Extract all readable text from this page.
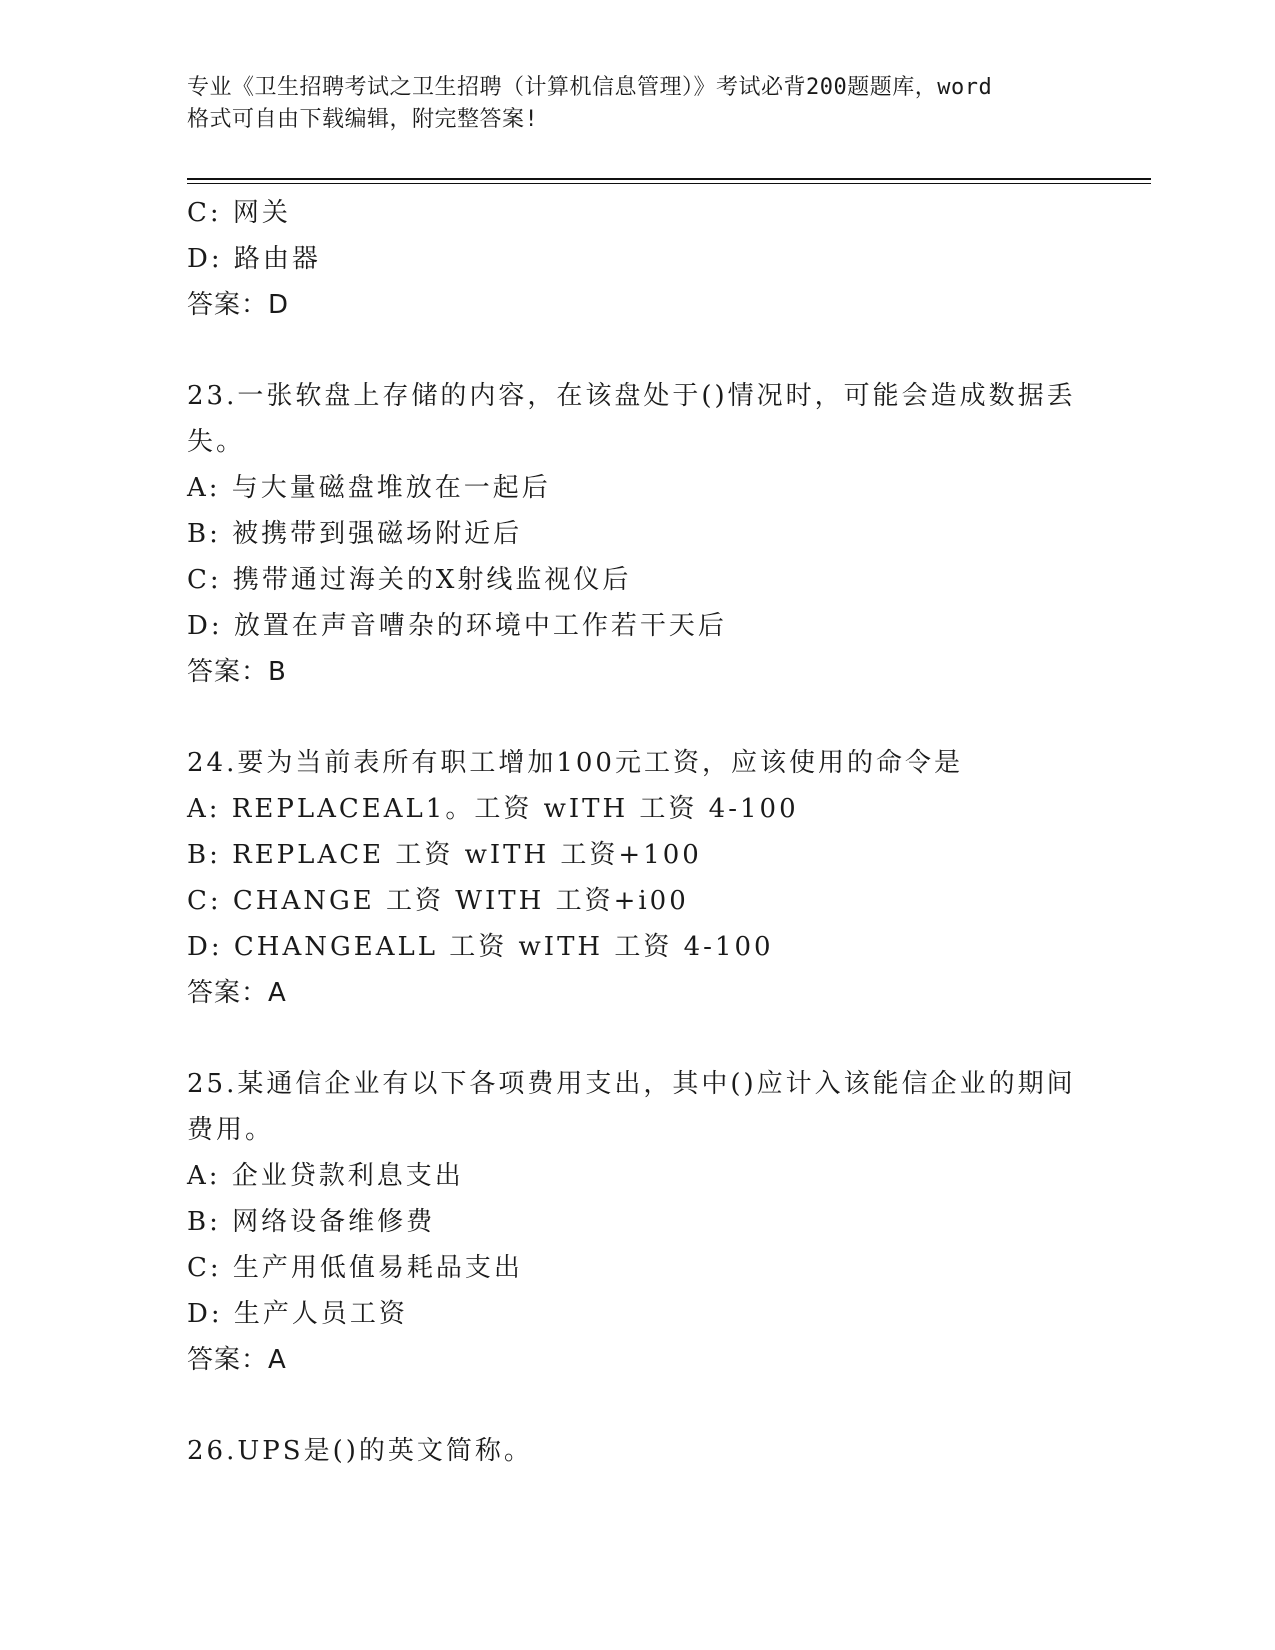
专业《卫生招聘考试之卫生招聘（计算机信息管理）》考试必背200题题库，word
格式可自由下载编辑，附完整答案!
C: 网关
D: 路由器
答案：D
23.一张软盘上存储的内容，在该盘处于()情况时，可能会造成数据丢
失。
A: 与大量磁盘堆放在一起后
B: 被携带到强磁场附近后
C: 携带通过海关的X射线监视仪后
D: 放置在声音嘈杂的环境中工作若干天后
答案：B
24.要为当前表所有职工增加100元工资，应该使用的命令是
A: REPLACEAL1。工资 wITH 工资 4-100
B: REPLACE 工资 wITH 工资+100
C: CHANGE 工资 WITH 工资+i00
D: CHANGEALL 工资 wITH 工资 4-100
答案：A
25.某通信企业有以下各项费用支出，其中()应计入该能信企业的期间
费用。
A: 企业贷款利息支出
B: 网络设备维修费
C: 生产用低值易耗品支出
D: 生产人员工资
答案：A
26.UPS是()的英文简称。
